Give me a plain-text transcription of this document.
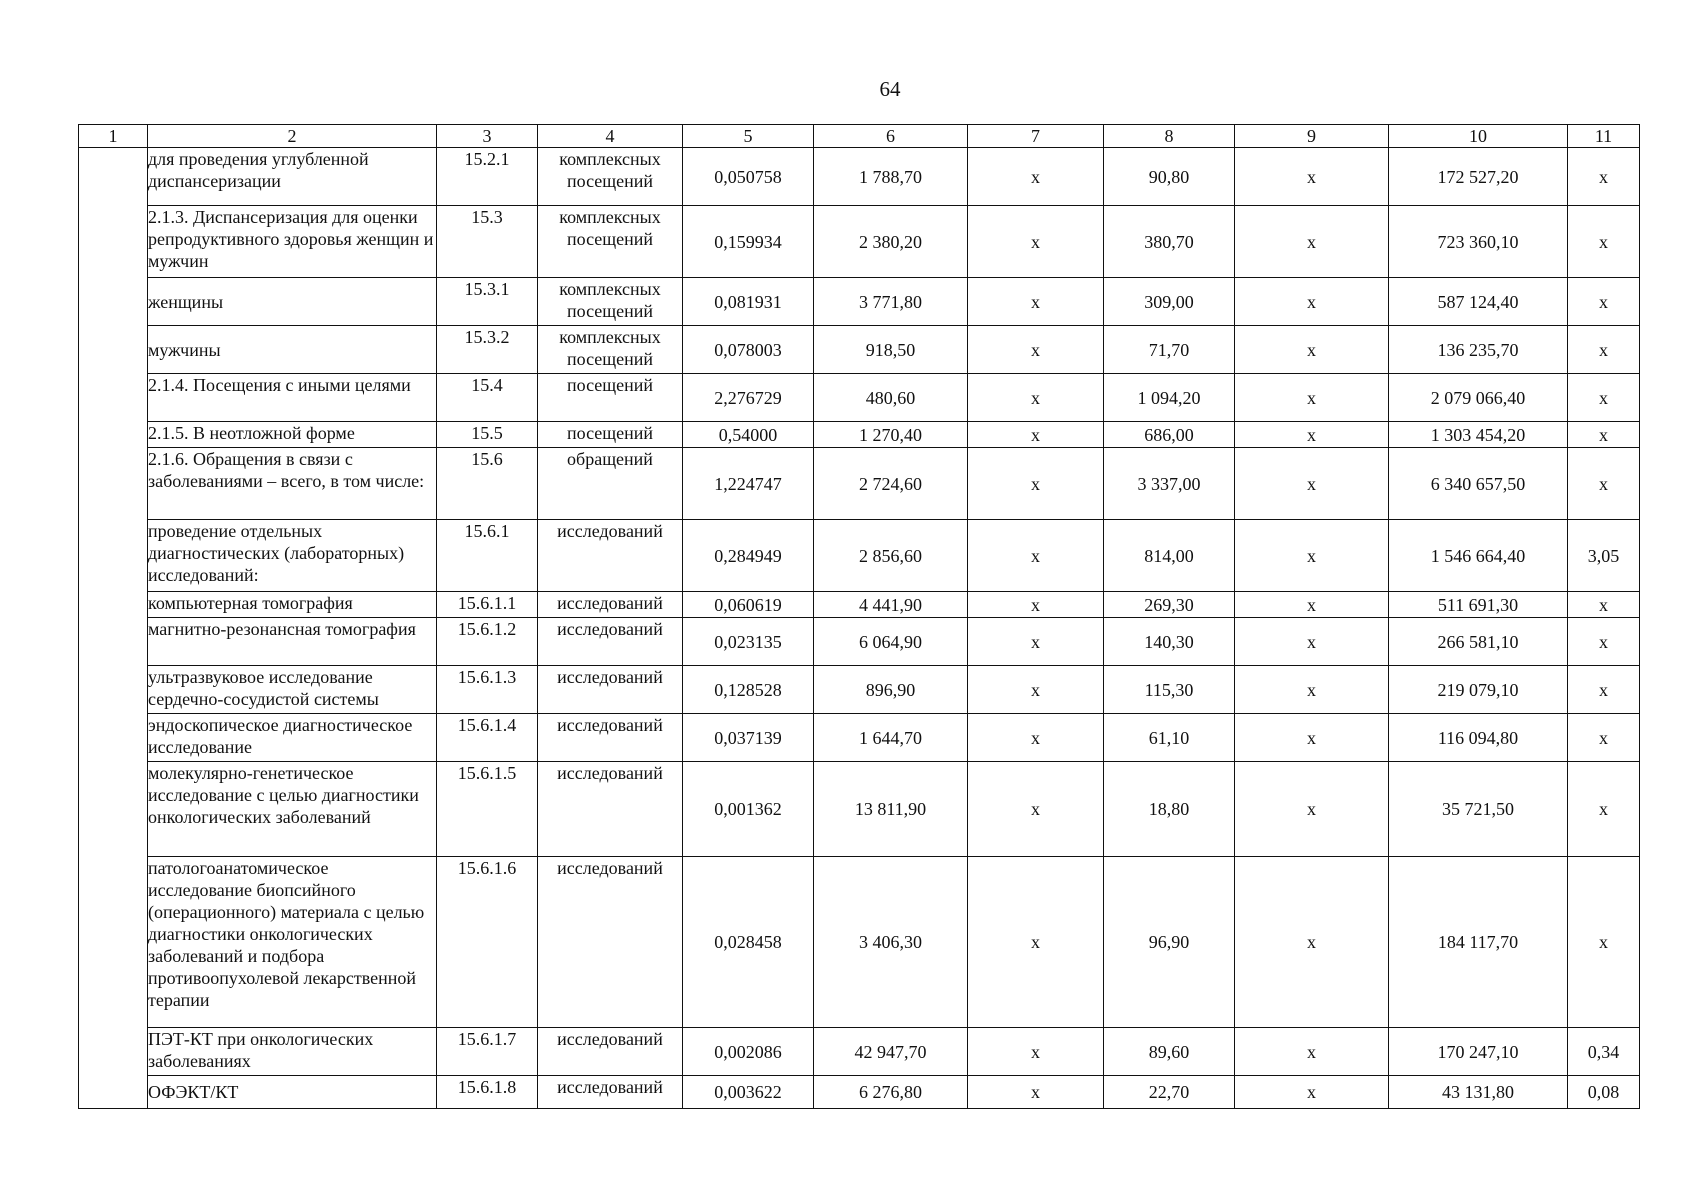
64
1	2	3	4	5	6	7	8	9	10	11
	для проведения углубленной диспансеризации	15.2.1	комплексных посещений	0,050758	1 788,70	х	90,80	х	172 527,20	х
	2.1.3. Диспансеризация для оценки репродуктивного здоровья женщин и мужчин	15.3	комплексных посещений	0,159934	2 380,20	х	380,70	х	723 360,10	х
	женщины	15.3.1	комплексных посещений	0,081931	3 771,80	х	309,00	х	587 124,40	х
	мужчины	15.3.2	комплексных посещений	0,078003	918,50	х	71,70	х	136 235,70	х
	2.1.4. Посещения с иными целями	15.4	посещений	2,276729	480,60	х	1 094,20	х	2 079 066,40	х
	2.1.5. В неотложной форме	15.5	посещений	0,54000	1 270,40	х	686,00	х	1 303 454,20	х
	2.1.6. Обращения в связи с заболеваниями – всего, в том числе:	15.6	обращений	1,224747	2 724,60	х	3 337,00	х	6 340 657,50	х
	проведение отдельных диагностических (лабораторных) исследований:	15.6.1	исследований	0,284949	2 856,60	х	814,00	х	1 546 664,40	3,05
	компьютерная томография	15.6.1.1	исследований	0,060619	4 441,90	х	269,30	х	511 691,30	х
	магнитно-резонансная томография	15.6.1.2	исследований	0,023135	6 064,90	х	140,30	х	266 581,10	х
	ультразвуковое исследование сердечно-сосудистой системы	15.6.1.3	исследований	0,128528	896,90	х	115,30	х	219 079,10	х
	эндоскопическое диагностическое исследование	15.6.1.4	исследований	0,037139	1 644,70	х	61,10	х	116 094,80	х
	молекулярно-генетическое исследование с целью диагностики онкологических заболеваний	15.6.1.5	исследований	0,001362	13 811,90	х	18,80	х	35 721,50	х
	патологоанатомическое исследование биопсийного (операционного) материала с целью диагностики онкологических заболеваний и подбора противоопухолевой лекарственной терапии	15.6.1.6	исследований	0,028458	3 406,30	х	96,90	х	184 117,70	х
	ПЭТ-КТ при онкологических заболеваниях	15.6.1.7	исследований	0,002086	42 947,70	х	89,60	х	170 247,10	0,34
	ОФЭКТ/КТ	15.6.1.8	исследований	0,003622	6 276,80	х	22,70	х	43 131,80	0,08
